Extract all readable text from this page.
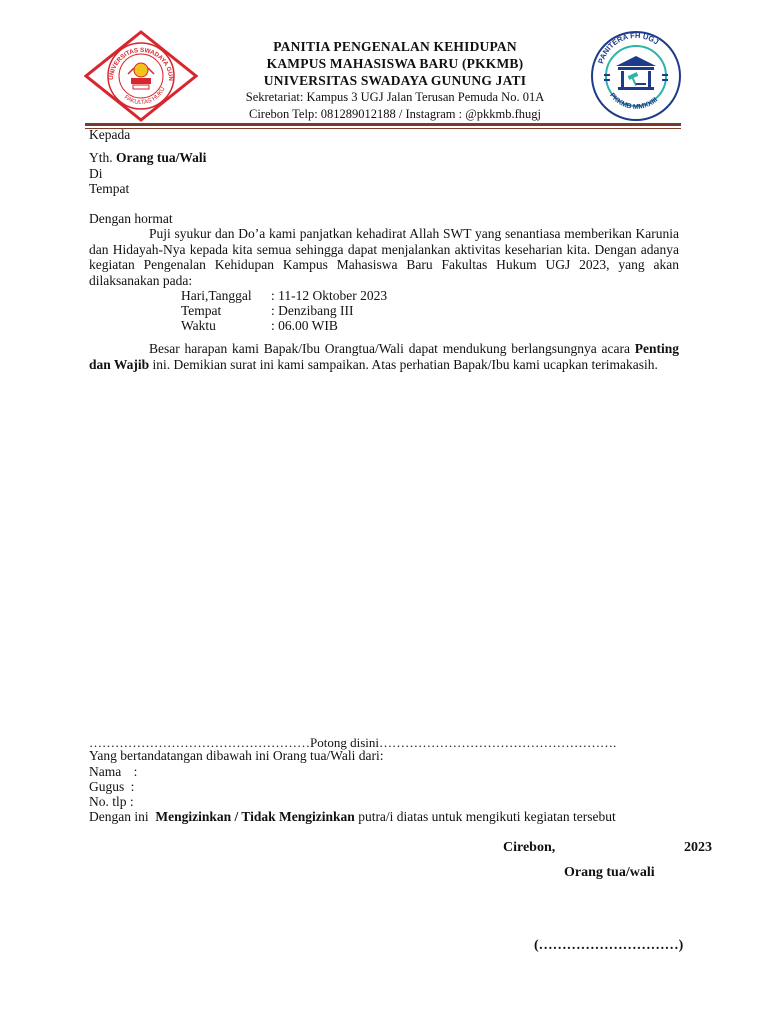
UNIVERSITAS SWADAYA GUN
FAKULTAS HUKU
PANITERA FH UGJ
PKKMB MMXXIII
PANITIA PENGENALAN KEHIDUPAN
KAMPUS MAHASISWA BARU (PKKMB)
UNIVERSITAS SWADAYA GUNUNG JATI
Sekretariat: Kampus 3 UGJ Jalan Terusan Pemuda No. 01A
Cirebon Telp: 081289012188 / Instagram : @pkkmb.fhugj
Kepada
Yth. Orang tua/Wali
Di
Tempat
Dengan hormat
Puji syukur dan Do’a kami panjatkan kehadirat Allah SWT yang senantiasa memberikan Karunia dan Hidayah-Nya kepada kita semua sehingga dapat menjalankan aktivitas keseharian kita. Dengan adanya kegiatan Pengenalan Kehidupan Kampus Mahasiswa Baru Fakultas Hukum UGJ 2023, yang akan dilaksanakan pada:
Hari,Tanggal : 11-12 Oktober 2023
Tempat	: Denzibang III
Waktu	: 06.00 WIB
Besar harapan kami Bapak/Ibu Orangtua/Wali dapat mendukung berlangsungnya acara Penting dan Wajib ini. Demikian surat ini kami sampaikan. Atas perhatian Bapak/Ibu kami ucapkan terimakasih.
……………………………………………Potong disini……………………………………………….
Yang bertandatangan dibawah ini Orang tua/Wali dari:
Nama :
Gugus :
No. tlp :
Dengan ini Mengizinkan / Tidak Mengizinkan putra/i diatas untuk mengikuti kegiatan tersebut
Cirebon,	2023
Orang tua/wali
(…………………………)
